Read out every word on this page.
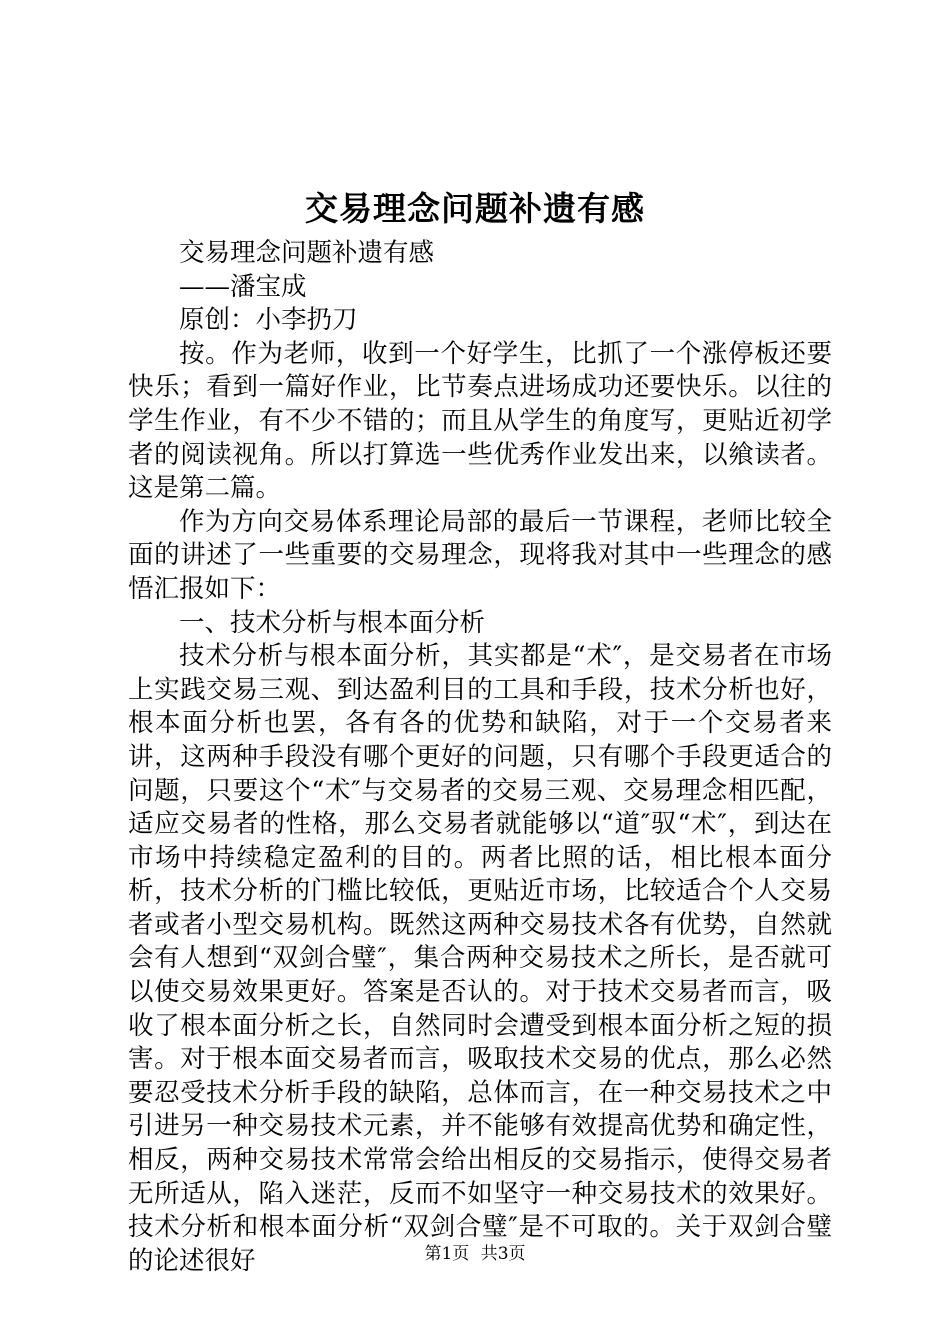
交易理念问题补遗有感

交易理念问题补遗有感

——潘宝成

原创：小李扔刀

按。作为老师，收到一个好学生，比抓了一个涨停板还要快乐；看到一篇好作业，比节奏点进场成功还要快乐。以往的学生作业，有不少不错的；而且从学生的角度写，更贴近初学者的阅读视角。所以打算选一些优秀作业发出来，以飨读者。这是第二篇。

作为方向交易体系理论局部的最后一节课程，老师比较全面的讲述了一些重要的交易理念，现将我对其中一些理念的感悟汇报如下：

一、技术分析与根本面分析

技术分析与根本面分析，其实都是“术″，是交易者在市场上实践交易三观、到达盈利目的工具和手段，技术分析也好，根本面分析也罢，各有各的优势和缺陷，对于一个交易者来讲，这两种手段没有哪个更好的问题，只有哪个手段更适合的问题，只要这个“术″与交易者的交易三观、交易理念相匹配，适应交易者的性格，那么交易者就能够以“道″驭“术″，到达在市场中持续稳定盈利的目的。两者比照的话，相比根本面分析，技术分析的门槛比较低，更贴近市场，比较适合个人交易者或者小型交易机构。既然这两种交易技术各有优势，自然就会有人想到“双剑合璧″，集合两种交易技术之所长，是否就可以使交易效果更好。答案是否认的。对于技术交易者而言，吸收了根本面分析之长，自然同时会遭受到根本面分析之短的损害。对于根本面交易者而言，吸取技术交易的优点，那么必然要忍受技术分析手段的缺陷，总体而言，在一种交易技术之中引进另一种交易技术元素，并不能够有效提高优势和确定性，相反，两种交易技术常常会给出相反的交易指示，使得交易者无所适从，陷入迷茫，反而不如坚守一种交易技术的效果好。技术分析和根本面分析“双剑合璧″是不可取的。关于双剑合璧的论述很好	第1页 共3页
